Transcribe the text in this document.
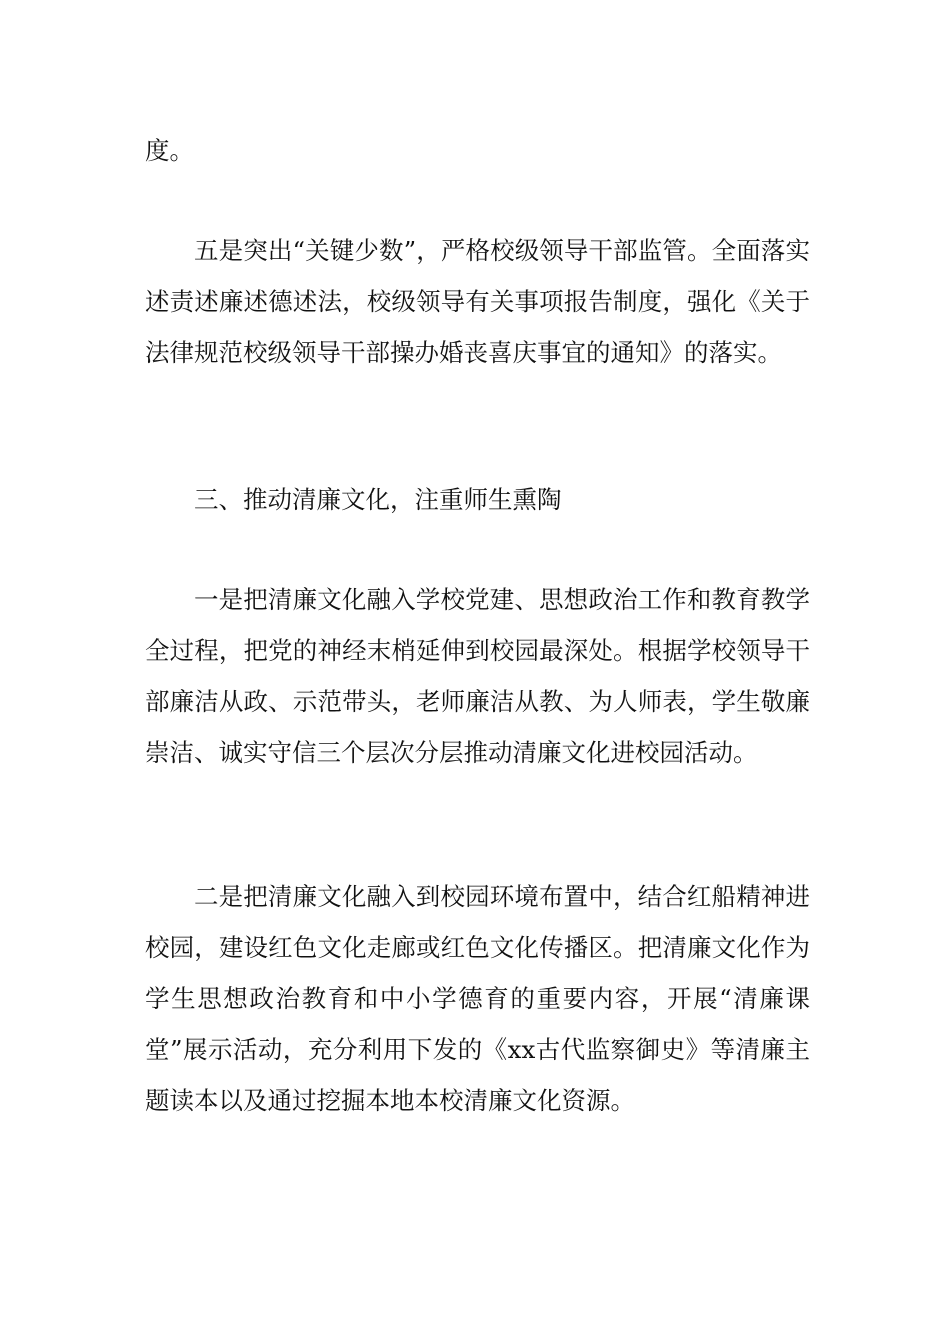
度。

五是突出“关键少数”，严格校级领导干部监管。全面落实述责述廉述德述法，校级领导有关事项报告制度，强化《关于法律规范校级领导干部操办婚丧喜庆事宜的通知》的落实。

三、推动清廉文化，注重师生熏陶

一是把清廉文化融入学校党建、思想政治工作和教育教学全过程，把党的神经末梢延伸到校园最深处。根据学校领导干部廉洁从政、示范带头，老师廉洁从教、为人师表，学生敬廉崇洁、诚实守信三个层次分层推动清廉文化进校园活动。

二是把清廉文化融入到校园环境布置中，结合红船精神进校园，建设红色文化走廊或红色文化传播区。把清廉文化作为学生思想政治教育和中小学德育的重要内容，开展“清廉课堂”展示活动，充分利用下发的《xx古代监察御史》等清廉主题读本以及通过挖掘本地本校清廉文化资源。
